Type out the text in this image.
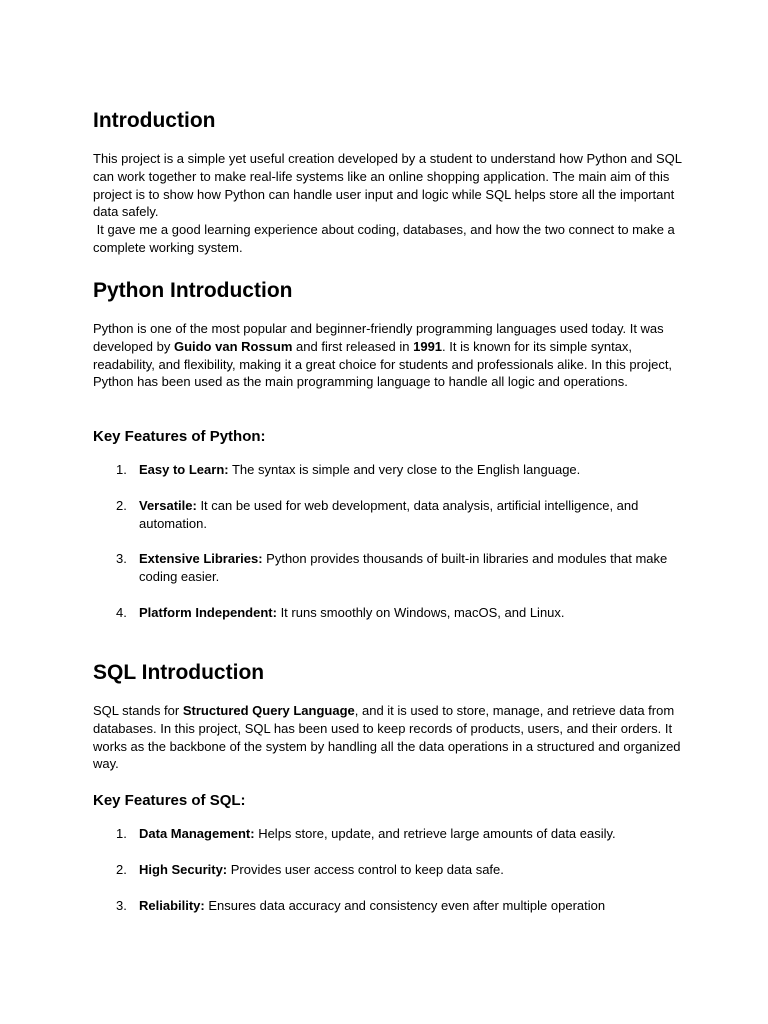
Introduction

This project is a simple yet useful creation developed by a student to understand how Python and SQL can work together to make real-life systems like an online shopping application. The main aim of this project is to show how Python can handle user input and logic while SQL helps store all the important data safely.

It gave me a good learning experience about coding, databases, and how the two connect to make a complete working system.

Python Introduction

Python is one of the most popular and beginner-friendly programming languages used today. It was developed by Guido van Rossum and first released in 1991. It is known for its simple syntax, readability, and flexibility, making it a great choice for students and professionals alike. In this project, Python has been used as the main programming language to handle all logic and operations.

Key Features of Python:
1. Easy to Learn: The syntax is simple and very close to the English language.
2. Versatile: It can be used for web development, data analysis, artificial intelligence, and automation.
3. Extensive Libraries: Python provides thousands of built-in libraries and modules that make coding easier.
4. Platform Independent: It runs smoothly on Windows, macOS, and Linux.
SQL Introduction

SQL stands for Structured Query Language, and it is used to store, manage, and retrieve data from databases. In this project, SQL has been used to keep records of products, users, and their orders. It works as the backbone of the system by handling all the data operations in a structured and organized way.

Key Features of SQL:
1. Data Management: Helps store, update, and retrieve large amounts of data easily.
2. High Security: Provides user access control to keep data safe.
3. Reliability: Ensures data accuracy and consistency even after multiple operation
